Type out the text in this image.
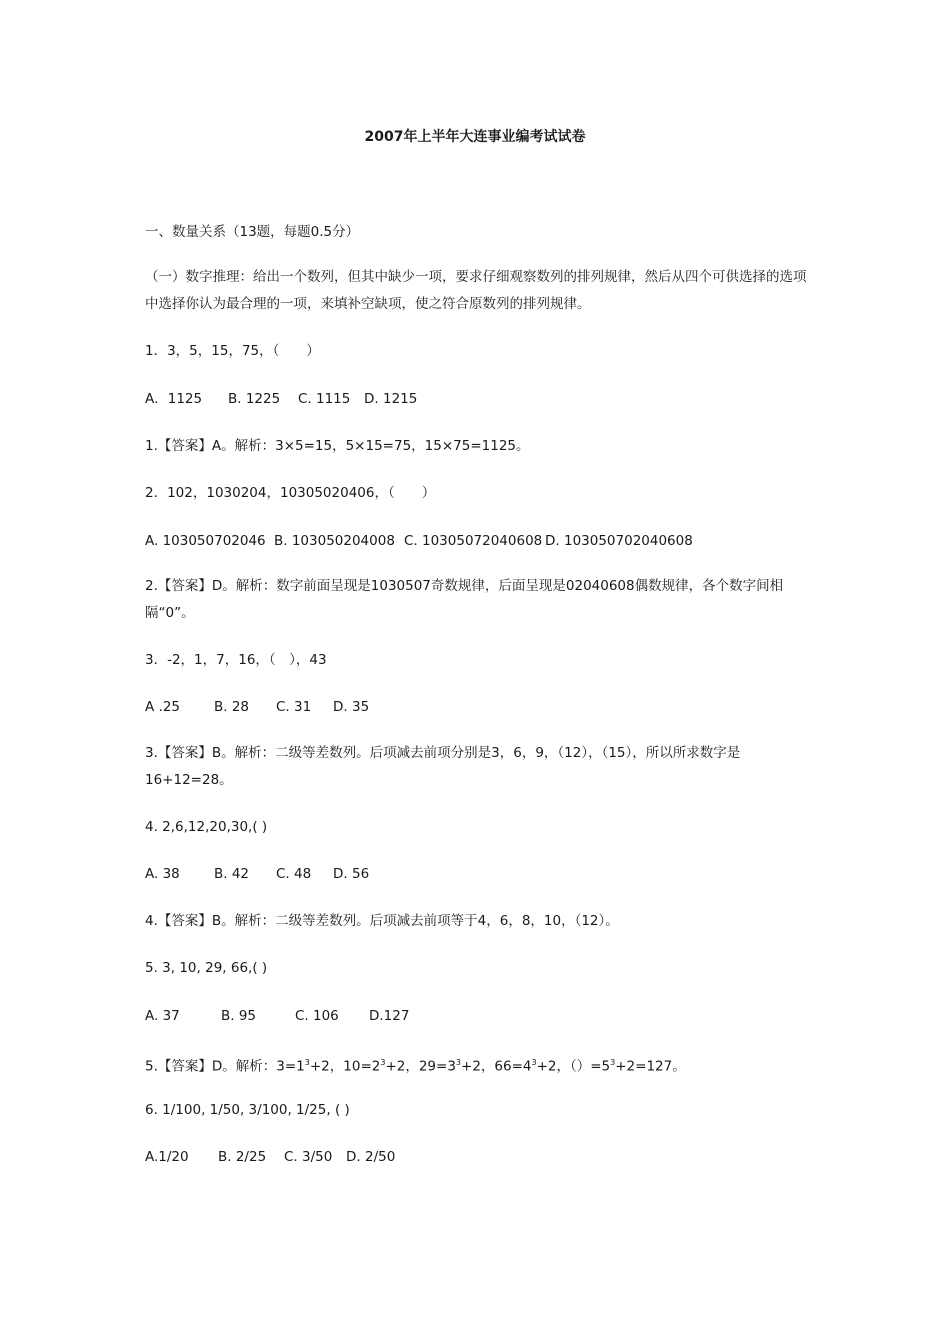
2007年上半年大连事业编考试试卷
一、数量关系（13题，每题0.5分）
（一）数字推理：给出一个数列，但其中缺少一项，要求仔细观察数列的排列规律，然后从四个可供选择的选项中选择你认为最合理的一项，来填补空缺项，使之符合原数列的排列规律。
1．3，5，15，75，（　　）
A．1125 B. 1225 C. 1115 D. 1215
1.【答案】A。解析：3×5=15，5×15=75，15×75=1125。
2．102，1030204，10305020406，（　　）
A. 103050702046 B. 103050204008 C. 10305072040608 D. 103050702040608
2.【答案】D。解析：数字前面呈现是1030507奇数规律，后面呈现是02040608偶数规律，各个数字间相隔“0”。
3．-2，1，7，16，（　），43
A .25	B. 28 C. 31 D. 35
3.【答案】B。解析：二级等差数列。后项减去前项分别是3，6，9，（12），（15），所以所求数字是16+12=28。
4. 2,6,12,20,30,( )
A. 38	B. 42 C. 48 D. 56
4.【答案】B。解析：二级等差数列。后项减去前项等于4，6，8，10，（12）。
5. 3, 10, 29, 66,( )
A. 37	B. 95	C. 106 D.127
5.【答案】D。解析：$3=1^3+2$，$10=2^3+2$，$29=3^3+2$，$66=4^3+2$，$()=5^3+2=127$。
6. 1/100, 1/50, 3/100, 1/25, ( )
A.1/20 B. 2/25 C. 3/50 D. 2/50
